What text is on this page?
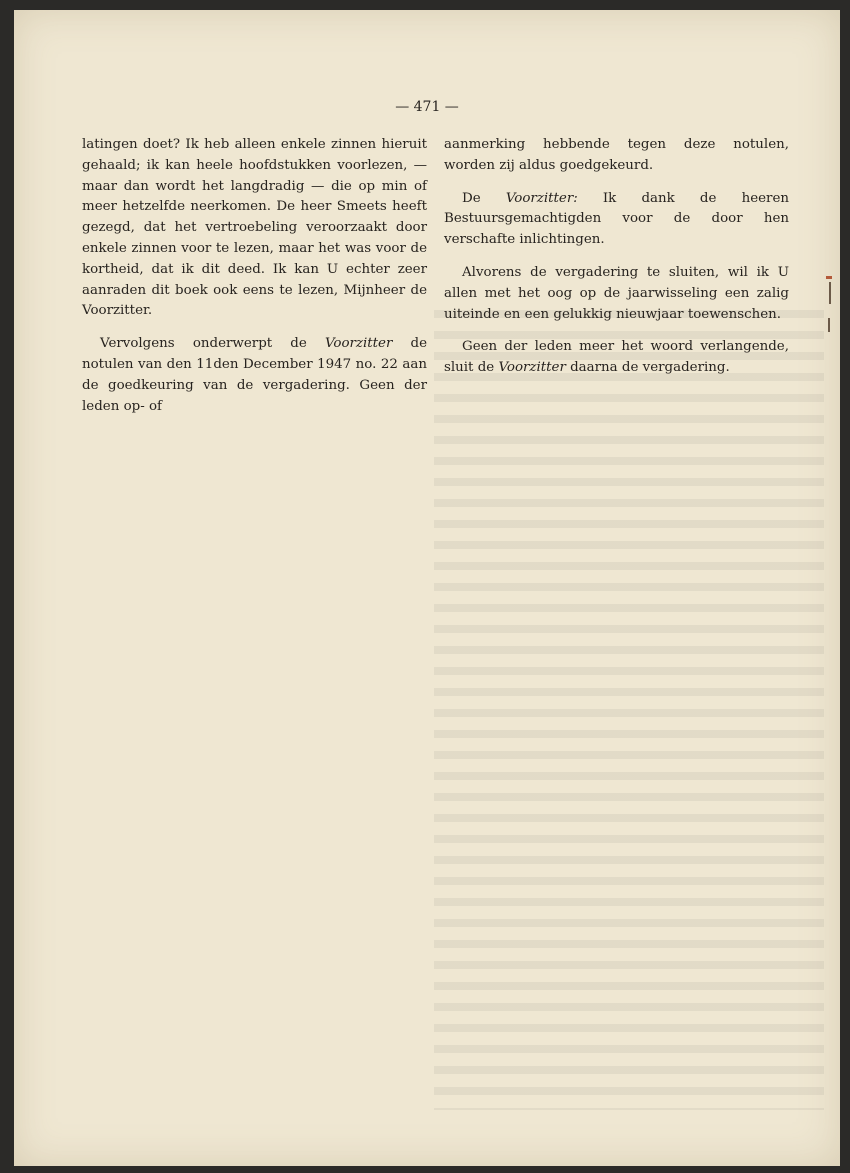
— 471 —

latingen doet? Ik heb alleen enkele zinnen hieruit gehaald; ik kan heele hoofdstukken voorlezen, — maar dan wordt het langdradig — die op min of meer hetzelfde neerkomen. De heer Smeets heeft gezegd, dat het vertroebeling veroorzaakt door enkele zinnen voor te lezen, maar het was voor de kortheid, dat ik dit deed. Ik kan U echter zeer aanraden dit boek ook eens te lezen, Mijnheer de Voorzitter.

Vervolgens onderwerpt de Voorzitter de notulen van den 11den December 1947 no. 22 aan de goedkeuring van de vergadering. Geen der leden op- of

aanmerking hebbende tegen deze notulen, worden zij aldus goedgekeurd.

De Voorzitter: Ik dank de heeren Bestuursgemachtigden voor de door hen verschafte inlichtingen.

Alvorens de vergadering te sluiten, wil ik U allen met het oog op de jaarwisseling een zalig uiteinde en een gelukkig nieuwjaar toewenschen.

Geen der leden meer het woord verlangende, sluit de Voorzitter daarna de vergadering.
